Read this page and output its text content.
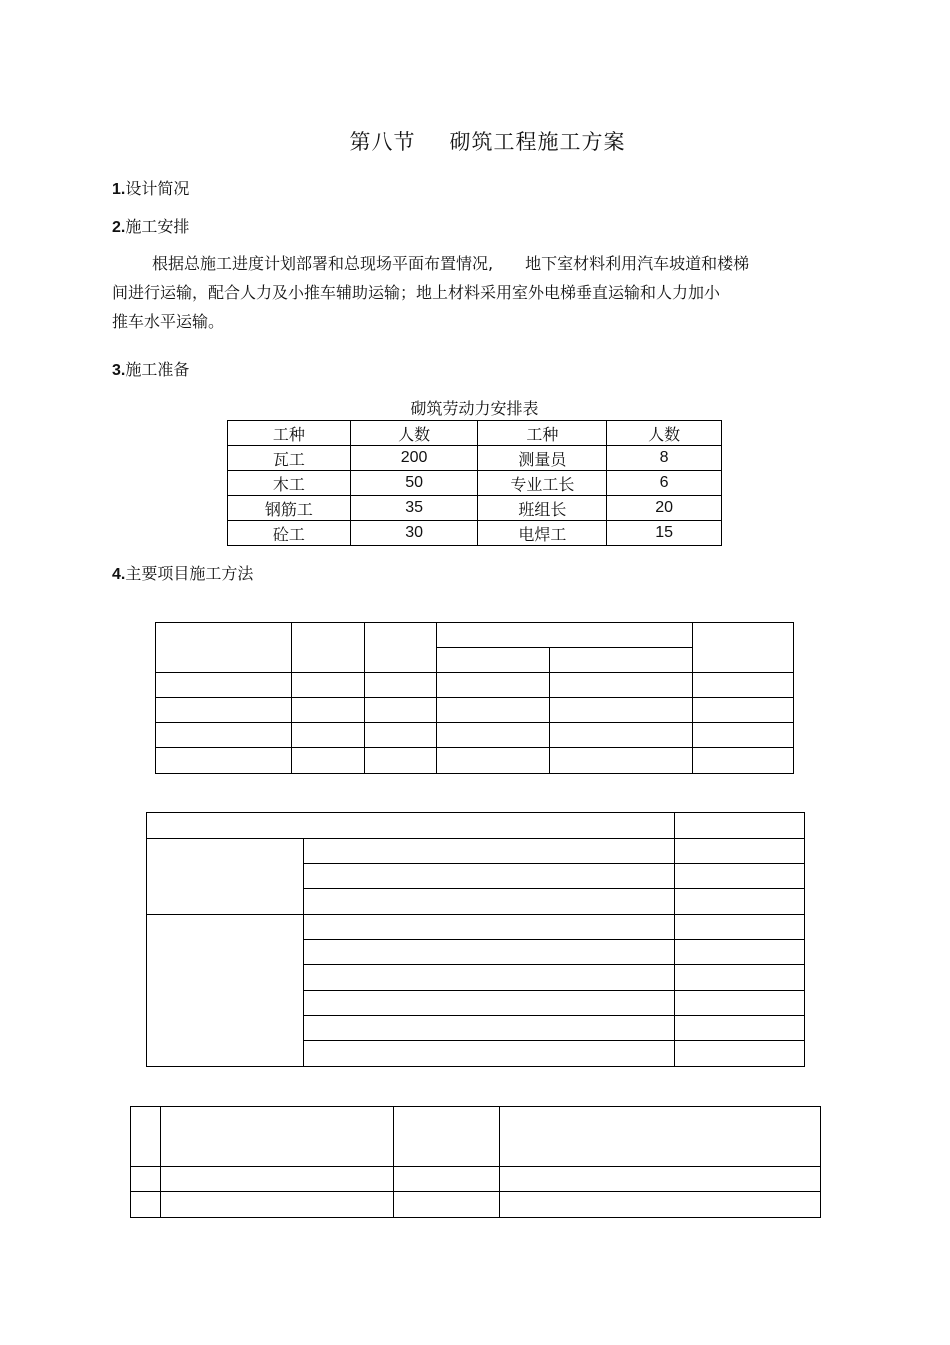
第八节 砌筑工程施工方案
1.设计简况
2.施工安排
根据总施工进度计划部署和总现场平面布置情况,　　地下室材料利用汽车坡道和楼梯
间进行运输，配合人力及小推车辅助运输；地上材料采用室外电梯垂直运输和人力加小
推车水平运输。
3.施工准备
砌筑劳动力安排表
工种	人数	工种	人数
瓦工	200	测量员	8
木工	50	专业工长	6
钢筋工	35	班组长	20
砼工	30	电焊工	15
4.主要项目施工方法
